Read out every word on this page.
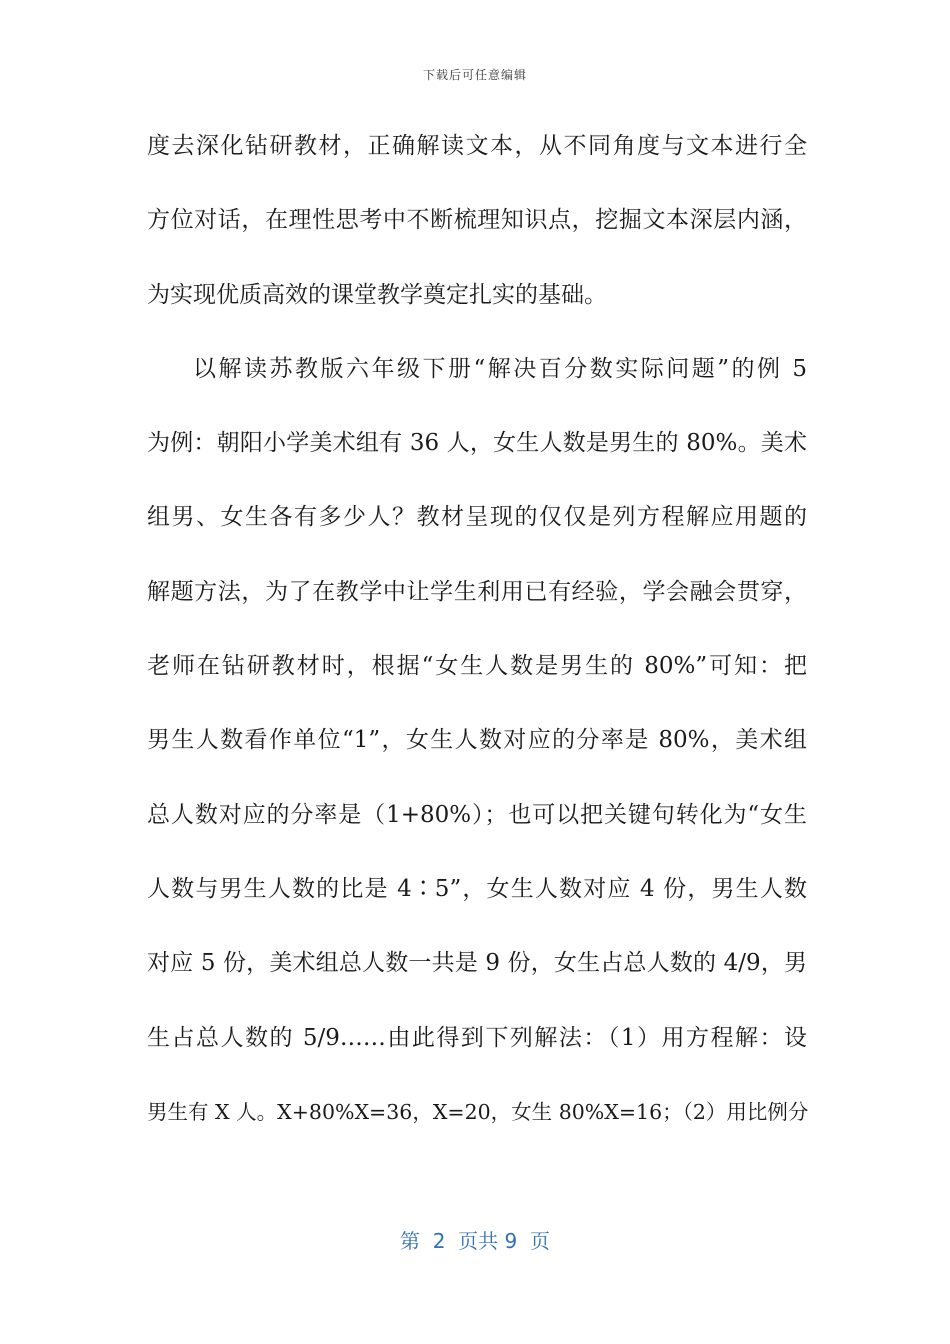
下载后可任意编辑
度去深化钻研教材，正确解读文本，从不同角度与文本进行全
方位对话，在理性思考中不断梳理知识点，挖掘文本深层内涵，
为实现优质高效的课堂教学奠定扎实的基础。
以解读苏教版六年级下册“解决百分数实际问题”的例 5
为例：朝阳小学美术组有 36 人，女生人数是男生的 80%。美术
组男、女生各有多少人？教材呈现的仅仅是列方程解应用题的
解题方法，为了在教学中让学生利用已有经验，学会融会贯穿，
老师在钻研教材时，根据“女生人数是男生的 80%”可知：把
男生人数看作单位“1”，女生人数对应的分率是 80%，美术组
总人数对应的分率是（1+80%）；也可以把关键句转化为“女生
人数与男生人数的比是 4∶5”，女生人数对应 4 份，男生人数
对应 5 份，美术组总人数一共是 9 份，女生占总人数的 4/9，男
生占总人数的 5/9……由此得到下列解法：（1）用方程解：设
男生有 X 人。X+80%X=36，X=20，女生 80%X=16；（2）用比例分
第  2  页共 9  页
